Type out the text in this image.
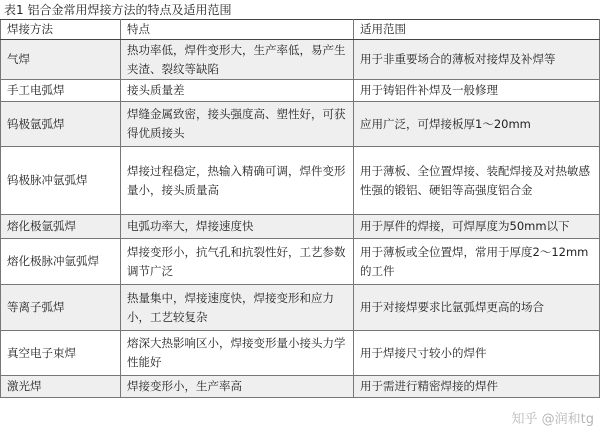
表1 铝合金常用焊接方法的特点及适用范围
焊接方法	特点	适用范围
气焊	热功率低，焊件变形大，生产率低，易产生夹渣、裂纹等缺陷	用于非重要场合的薄板对接焊及补焊等
手工电弧焊	接头质量差	用于铸铝件补焊及一般修理
钨极氩弧焊	焊缝金属致密，接头强度高、塑性好，可获得优质接头	应用广泛，可焊接板厚1～20mm
钨极脉冲氩弧焊	焊接过程稳定，热输入精确可调，焊件变形量小，接头质量高	用于薄板、全位置焊接、装配焊接及对热敏感性强的锻铝、硬铝等高强度铝合金
熔化极氩弧焊	电弧功率大，焊接速度快	用于厚件的焊接，可焊厚度为50mm以下
熔化极脉冲氩弧焊	焊接变形小，抗气孔和抗裂性好，工艺参数调节广泛	用于薄板或全位置焊，常用于厚度2～12mm的工件
等离子弧焊	热量集中，焊接速度快，焊接变形和应力小，工艺较复杂	用于对接焊要求比氩弧焊更高的场合
真空电子束焊	熔深大热影响区小，焊接变形量小接头力学性能好	用于焊接尺寸较小的焊件
激光焊	焊接变形小，生产率高	用于需进行精密焊接的焊件
知乎 @润和tg
